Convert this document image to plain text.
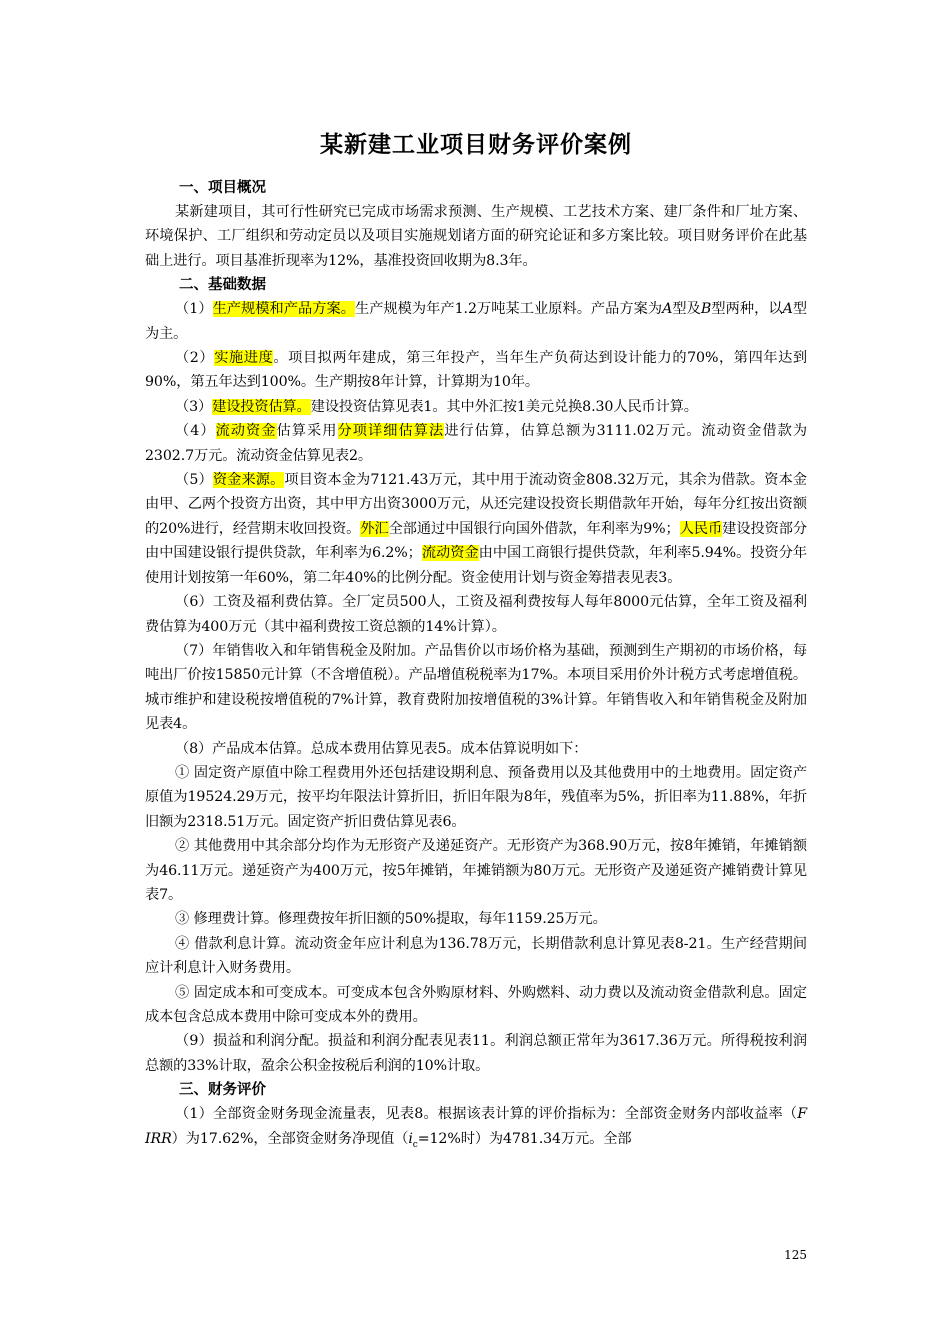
某新建工业项目财务评价案例
一、项目概况

某新建项目，其可行性研究已完成市场需求预测、生产规模、工艺技术方案、建厂条件和厂址方案、环境保护、工厂组织和劳动定员以及项目实施规划诸方面的研究论证和多方案比较。项目财务评价在此基础上进行。项目基准折现率为12%，基准投资回收期为8.3年。

二、基础数据

（1）生产规模和产品方案。生产规模为年产1.2万吨某工业原料。产品方案为A型及B型两种，以A型为主。

（2）实施进度。项目拟两年建成，第三年投产，当年生产负荷达到设计能力的70%，第四年达到90%，第五年达到100%。生产期按8年计算，计算期为10年。

（3）建设投资估算。建设投资估算见表1。其中外汇按1美元兑换8.30人民币计算。

（4）流动资金估算采用分项详细估算法进行估算，估算总额为3111.02万元。流动资金借款为2302.7万元。流动资金估算见表2。

（5）资金来源。项目资本金为7121.43万元，其中用于流动资金808.32万元，其余为借款。资本金由甲、乙两个投资方出资，其中甲方出资3000万元，从还完建设投资长期借款年开始，每年分红按出资额的20%进行，经营期末收回投资。外汇全部通过中国银行向国外借款，年利率为9%；人民币建设投资部分由中国建设银行提供贷款，年利率为6.2%；流动资金由中国工商银行提供贷款，年利率5.94%。投资分年使用计划按第一年60%，第二年40%的比例分配。资金使用计划与资金筹措表见表3。

（6）工资及福利费估算。全厂定员500人，工资及福利费按每人每年8000元估算，全年工资及福利费估算为400万元（其中福利费按工资总额的14%计算）。

（7）年销售收入和年销售税金及附加。产品售价以市场价格为基础，预测到生产期初的市场价格，每吨出厂价按15850元计算（不含增值税）。产品增值税税率为17%。本项目采用价外计税方式考虑增值税。城市维护和建设税按增值税的7%计算，教育费附加按增值税的3%计算。年销售收入和年销售税金及附加见表4。

（8）产品成本估算。总成本费用估算见表5。成本估算说明如下：

① 固定资产原值中除工程费用外还包括建设期利息、预备费用以及其他费用中的土地费用。固定资产原值为19524.29万元，按平均年限法计算折旧，折旧年限为8年，残值率为5%，折旧率为11.88%，年折旧额为2318.51万元。固定资产折旧费估算见表6。

② 其他费用中其余部分均作为无形资产及递延资产。无形资产为368.90万元，按8年摊销，年摊销额为46.11万元。递延资产为400万元，按5年摊销，年摊销额为80万元。无形资产及递延资产摊销费计算见表7。

③ 修理费计算。修理费按年折旧额的50%提取，每年1159.25万元。

④ 借款利息计算。流动资金年应计利息为136.78万元，长期借款利息计算见表8-21。生产经营期间应计利息计入财务费用。

⑤ 固定成本和可变成本。可变成本包含外购原材料、外购燃料、动力费以及流动资金借款利息。固定成本包含总成本费用中除可变成本外的费用。

（9）损益和利润分配。损益和利润分配表见表11。利润总额正常年为3617.36万元。所得税按利润总额的33%计取，盈余公积金按税后利润的10%计取。

三、财务评价

（1）全部资金财务现金流量表，见表8。根据该表计算的评价指标为：全部资金财务内部收益率（F IRR）为17.62%，全部资金财务净现值（$i_c=12\%$时）为4781.34万元。全部

125
